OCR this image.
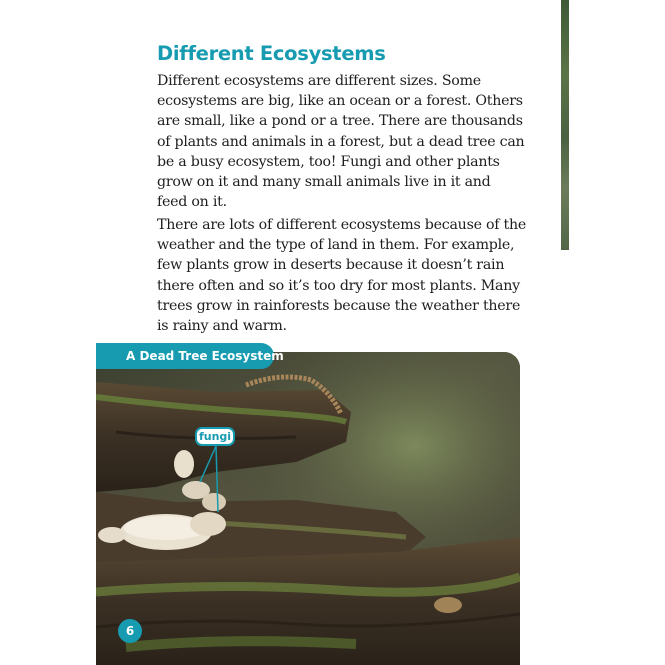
Different Ecosystems

Different ecosystems are different sizes. Some
ecosystems are big, like an ocean or a forest. Others
are small, like a pond or a tree. There are thousands
of plants and animals in a forest, but a dead tree can
be a busy ecosystem, too! Fungi and other plants
grow on it and many small animals live in it and
feed on it.

There are lots of different ecosystems because of the
weather and the type of land in them. For example,
few plants grow in deserts because it doesn’t rain
there often and so it’s too dry for most plants. Many
trees grow in rainforests because the weather there
is rainy and warm.

A Dead Tree Ecosystem
fungi
6
